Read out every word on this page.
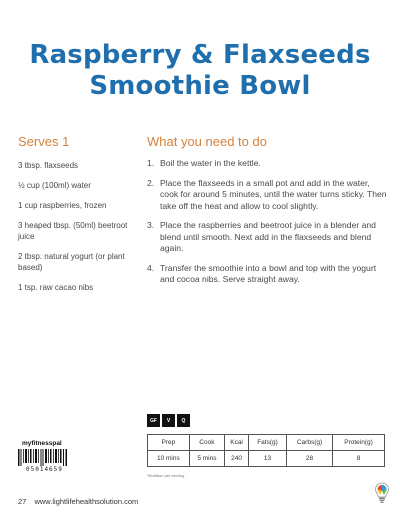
Raspberry & Flaxseeds
Smoothie Bowl
Serves 1	What you need to do
3 tbsp. flaxseeds
½ cup (100ml) water
1 cup raspberries, frozen
3 heaped tbsp. (50ml) beetroot juice
2 tbsp. natural yogurt (or plant based)
1 tsp. raw cacao nibs
1. Boil the water in the kettle.
2. Place the flaxseeds in a small pot and add in the water, cook for around 5 minutes, until the water turns sticky. Then take off the heat and allow to cool slightly.
3. Place the raspberries and beetroot juice in a blender and blend until smooth. Next add in the flaxseeds and blend again.
4. Transfer the smoothie into a bowl and top with the yogurt and cocoa nibs. Serve straight away.
GF	V	Q
Prep	Cook	Kcal	Fats(g)	Carbs(g)	Protein(g)
10 mins	5 mins	240	13	28	8
*Nutrition per serving
myfitnesspal
05014659
27 www.lightlifehealthsolution.com
